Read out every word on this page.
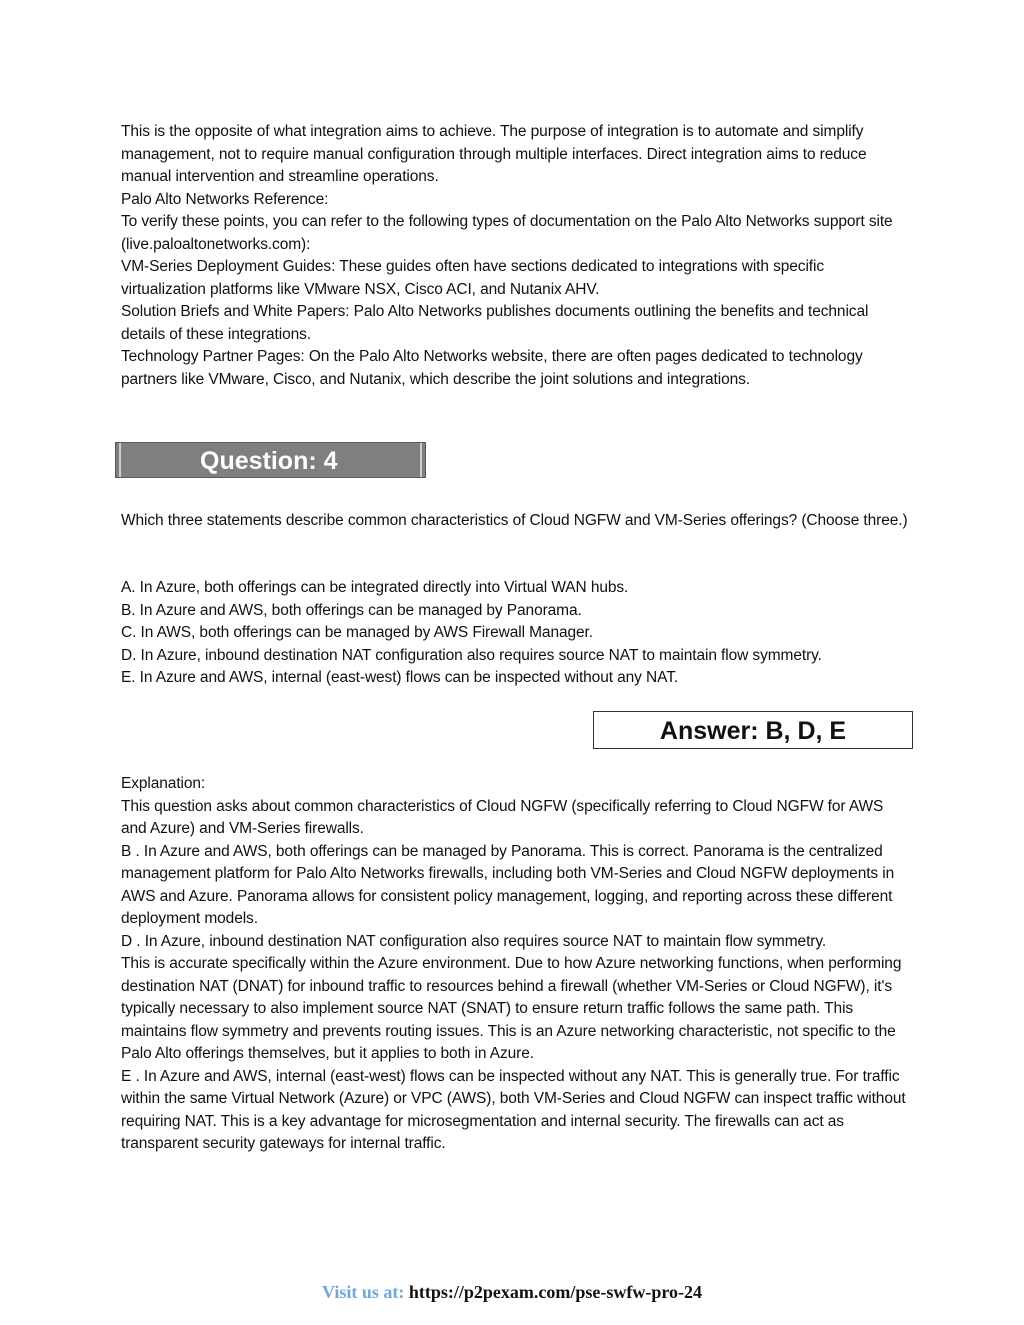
This is the opposite of what integration aims to achieve. The purpose of integration is to automate and simplify management, not to require manual configuration through multiple interfaces. Direct integration aims to reduce manual intervention and streamline operations.

Palo Alto Networks Reference:

To verify these points, you can refer to the following types of documentation on the Palo Alto Networks support site (live.paloaltonetworks.com):

VM-Series Deployment Guides: These guides often have sections dedicated to integrations with specific virtualization platforms like VMware NSX, Cisco ACI, and Nutanix AHV.

Solution Briefs and White Papers: Palo Alto Networks publishes documents outlining the benefits and technical details of these integrations.

Technology Partner Pages: On the Palo Alto Networks website, there are often pages dedicated to technology partners like VMware, Cisco, and Nutanix, which describe the joint solutions and integrations.

Question: 4

Which three statements describe common characteristics of Cloud NGFW and VM-Series offerings? (Choose three.)

A. In Azure, both offerings can be integrated directly into Virtual WAN hubs.

B. In Azure and AWS, both offerings can be managed by Panorama.

C. In AWS, both offerings can be managed by AWS Firewall Manager.

D. In Azure, inbound destination NAT configuration also requires source NAT to maintain flow symmetry.

E. In Azure and AWS, internal (east-west) flows can be inspected without any NAT.

Answer: B, D, E

Explanation:

This question asks about common characteristics of Cloud NGFW (specifically referring to Cloud NGFW for AWS and Azure) and VM-Series firewalls.

B . In Azure and AWS, both offerings can be managed by Panorama. This is correct. Panorama is the centralized management platform for Palo Alto Networks firewalls, including both VM-Series and Cloud NGFW deployments in AWS and Azure. Panorama allows for consistent policy management, logging, and reporting across these different deployment models.

D . In Azure, inbound destination NAT configuration also requires source NAT to maintain flow symmetry.

This is accurate specifically within the Azure environment. Due to how Azure networking functions, when performing destination NAT (DNAT) for inbound traffic to resources behind a firewall (whether VM-Series or Cloud NGFW), it's typically necessary to also implement source NAT (SNAT) to ensure return traffic follows the same path. This maintains flow symmetry and prevents routing issues. This is an Azure networking characteristic, not specific to the Palo Alto offerings themselves, but it applies to both in Azure.

E . In Azure and AWS, internal (east-west) flows can be inspected without any NAT. This is generally true. For traffic within the same Virtual Network (Azure) or VPC (AWS), both VM-Series and Cloud NGFW can inspect traffic without requiring NAT. This is a key advantage for microsegmentation and internal security. The firewalls can act as transparent security gateways for internal traffic.

Visit us at: https://p2pexam.com/pse-swfw-pro-24
